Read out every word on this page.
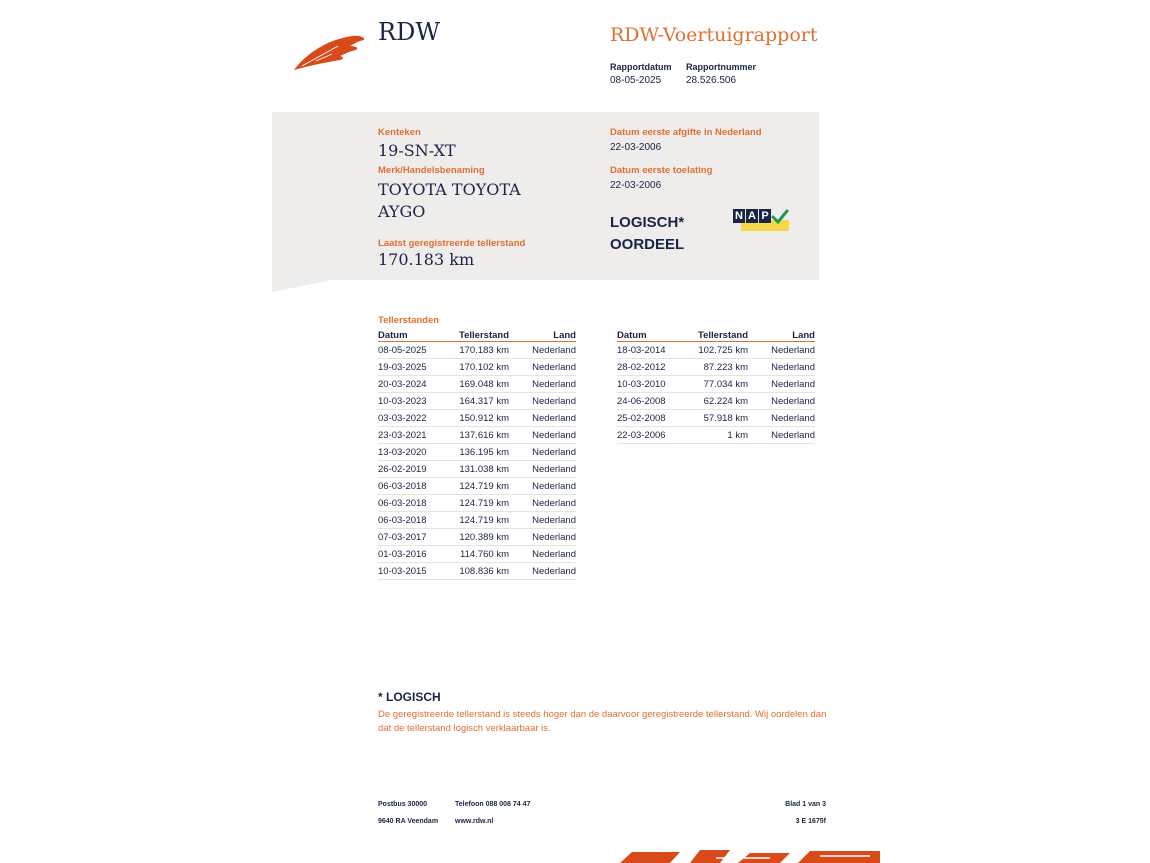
RDW	RDW-Voertuigrapport
Rapportdatum
08-05-2025
Rapportnummer
28.526.506
Kenteken
19-SN-XT
Merk/Handelsbenaming
TOYOTA TOYOTA
AYGO
Laatst geregistreerde tellerstand
170.183 km
Datum eerste afgifte in Nederland
22-03-2006
Datum eerste toelating
22-03-2006
LOGISCH*
OORDEEL
N A P
Tellerstanden
Datum	Tellerstand	Land
08-05-2025	170.183 km	Nederland
19-03-2025	170.102 km	Nederland
20-03-2024	169.048 km	Nederland
10-03-2023	164.317 km	Nederland
03-03-2022	150.912 km	Nederland
23-03-2021	137.616 km	Nederland
13-03-2020	136.195 km	Nederland
26-02-2019	131.038 km	Nederland
06-03-2018	124.719 km	Nederland
06-03-2018	124.719 km	Nederland
06-03-2018	124.719 km	Nederland
07-03-2017	120.389 km	Nederland
01-03-2016	114.760 km	Nederland
10-03-2015	108.836 km	Nederland
Datum	Tellerstand	Land
18-03-2014	102.725 km	Nederland
28-02-2012	87.223 km	Nederland
10-03-2010	77.034 km	Nederland
24-06-2008	62.224 km	Nederland
25-02-2008	57.918 km	Nederland
22-03-2006	1 km	Nederland
* LOGISCH
De geregistreerde tellerstand is steeds hoger dan de daarvoor geregistreerde tellerstand. Wij oordelen dan dat de tellerstand logisch verklaarbaar is.
Postbus 30000
9640 RA Veendam
Telefoon 088 008 74 47
www.rdw.nl
Blad 1 van 3
3 E 1675f
